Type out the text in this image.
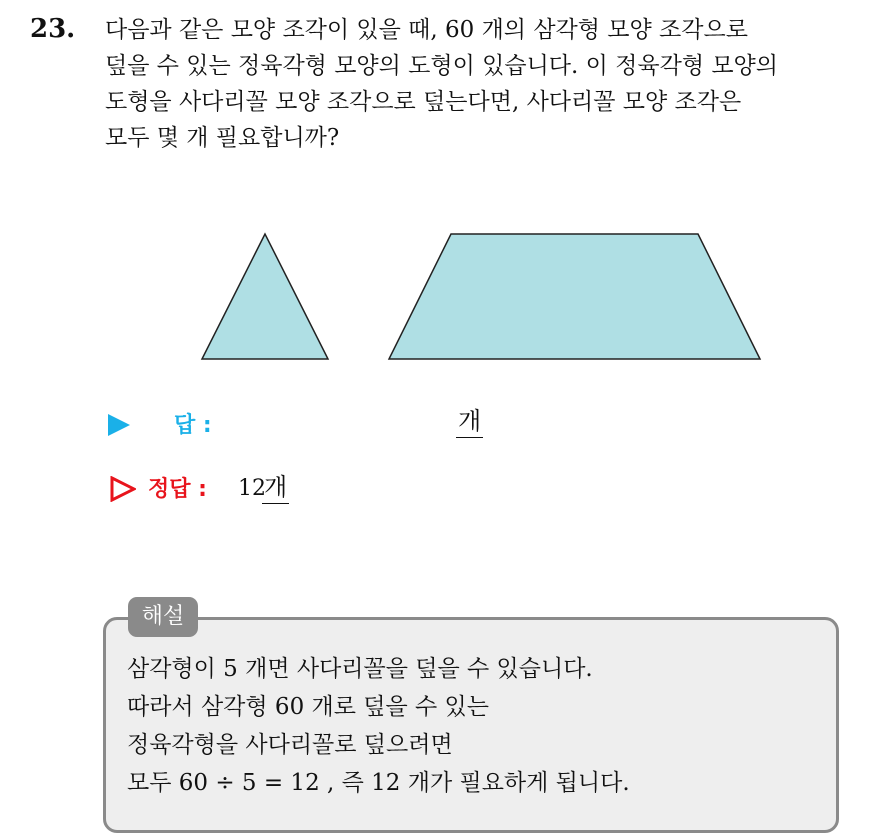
23. 다음과 같은 모양 조각이 있을 때, 60 개의 삼각형 모양 조각으로
덮을 수 있는 정육각형 모양의 도형이 있습니다. 이 정육각형 모양의
도형을 사다리꼴 모양 조각으로 덮는다면, 사다리꼴 모양 조각은
모두 몇 개 필요합니까?
답 :	개
정답 : 12
개
해설
삼각형이 5 개면 사다리꼴을 덮을 수 있습니다.
따라서 삼각형 60 개로 덮을 수 있는
정육각형을 사다리꼴로 덮으려면
모두 60 ÷ 5 = 12 , 즉 12 개가 필요하게 됩니다.
